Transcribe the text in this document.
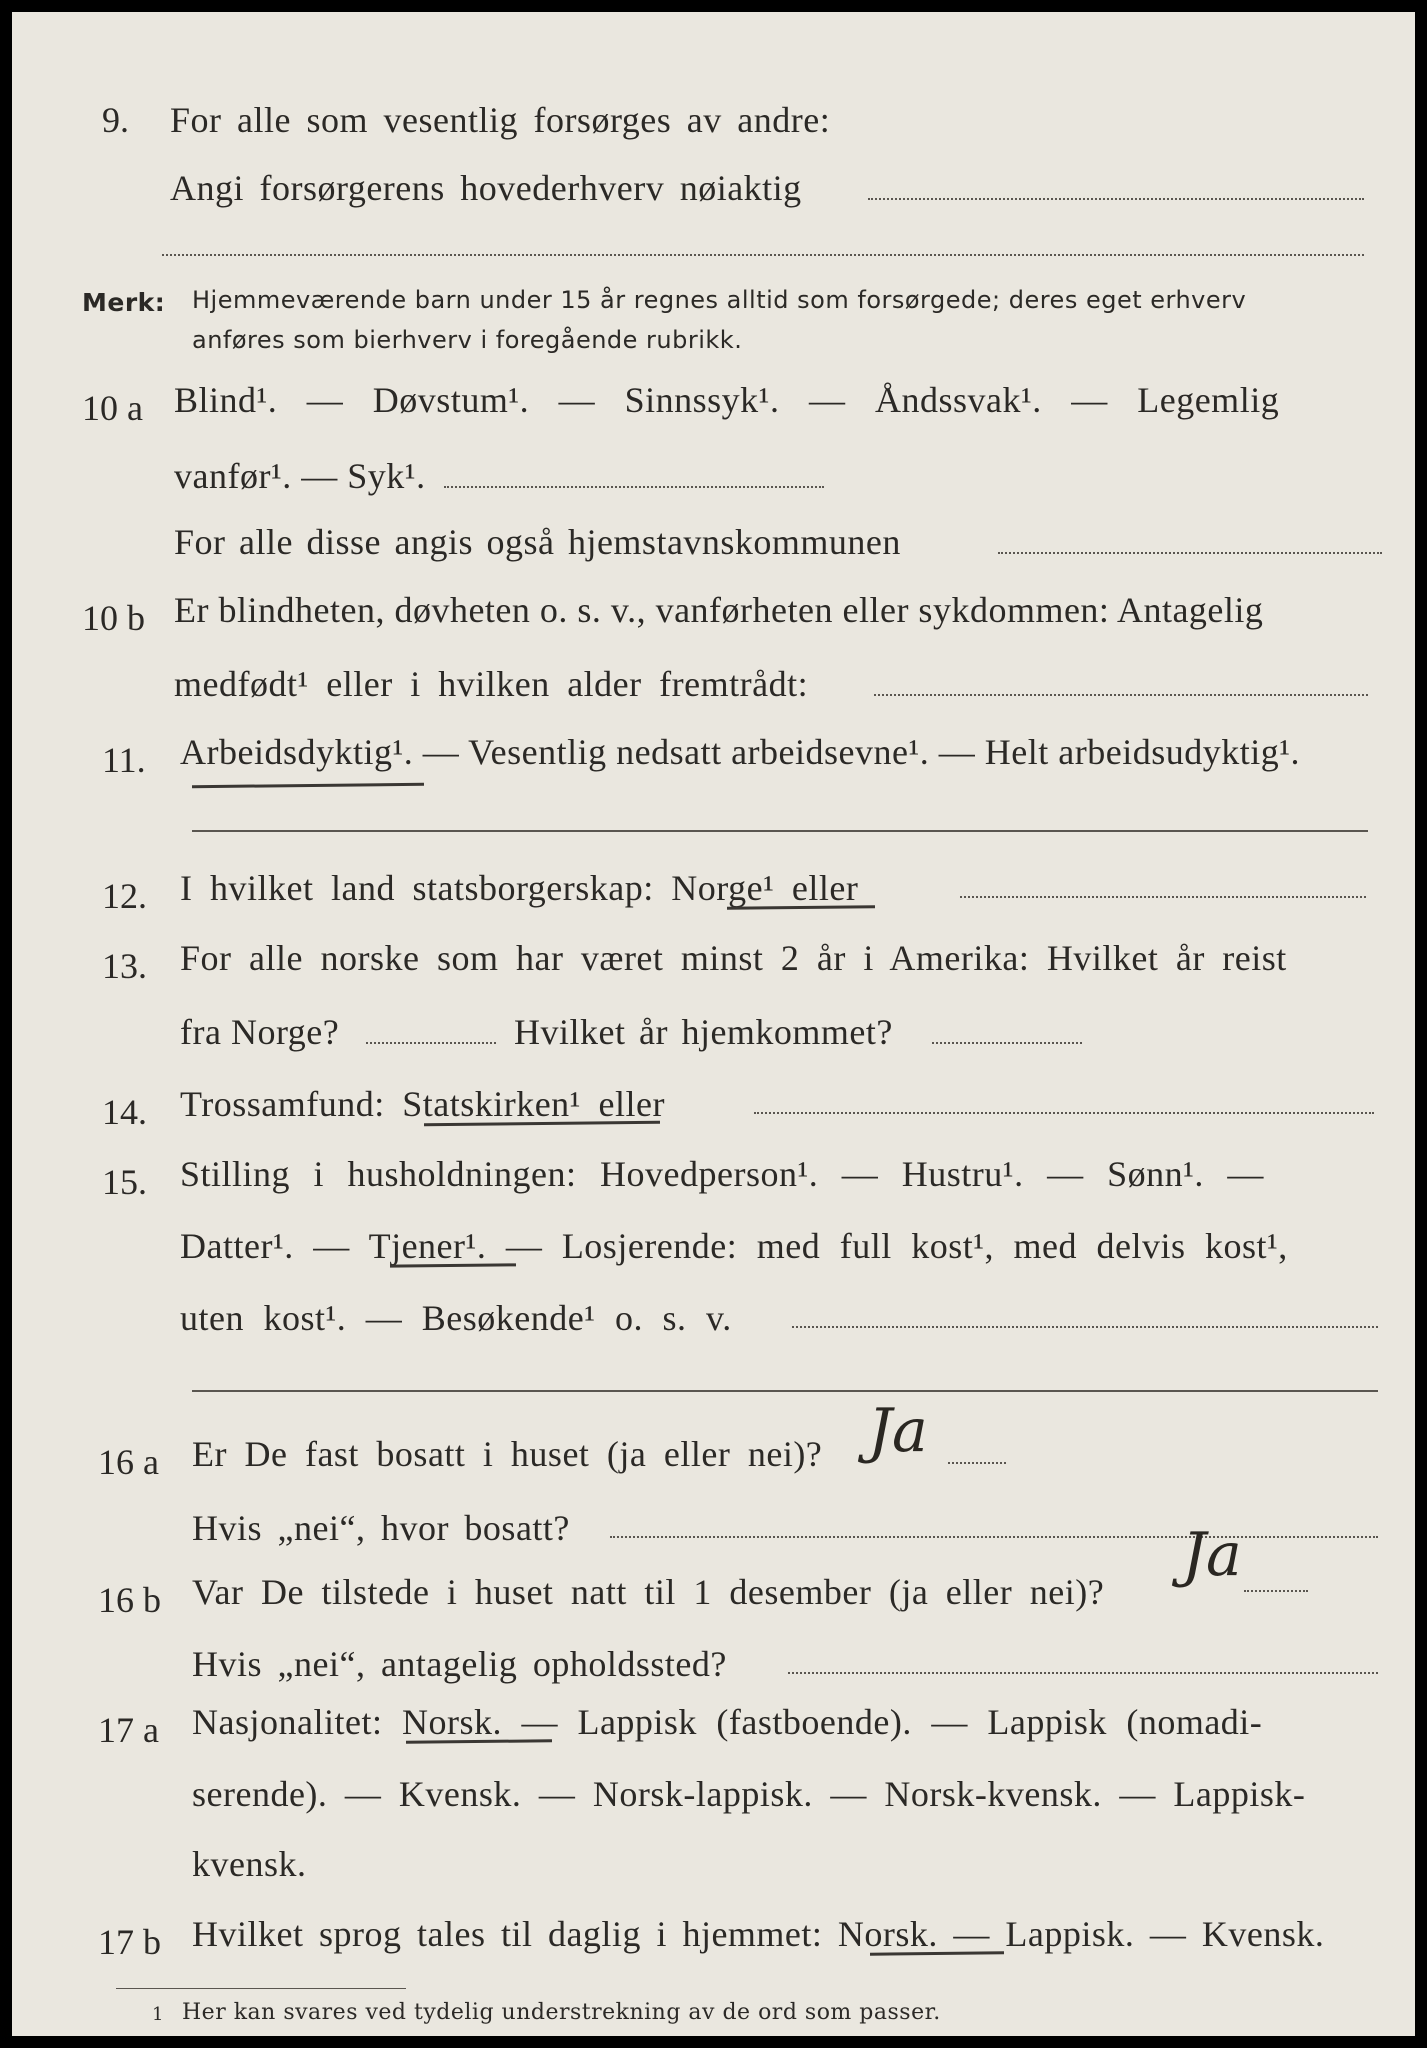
9. For alle som vesentlig forsørges av andre:
Angi forsørgerens hovederhverv nøiaktig
Merk: Hjemmeværende barn under 15 år regnes alltid som forsørgede; deres eget erhverv
anføres som bierhverv i foregående rubrikk.
10 a Blind¹. — Døvstum¹. — Sinnssyk¹. — Åndssvak¹. — Legemlig
vanfør¹. — Syk¹.
For alle disse angis også hjemstavnskommunen
10 b Er blindheten, døvheten o. s. v., vanførheten eller sykdommen: Antagelig
medfødt¹ eller i hvilken alder fremtrådt:
11. Arbeidsdyktig¹. — Vesentlig nedsatt arbeidsevne¹. — Helt arbeidsudyktig¹.
12. I hvilket land statsborgerskap: Norge¹ eller
13. For alle norske som har været minst 2 år i Amerika: Hvilket år reist
fra Norge?	Hvilket år hjemkommet?
14. Trossamfund: Statskirken¹ eller
15. Stilling i husholdningen: Hovedperson¹. — Hustru¹. — Sønn¹. —
Datter¹. — Tjener¹. — Losjerende: med full kost¹, med delvis kost¹,
uten kost¹. — Besøkende¹ o. s. v.
16 a Er De fast bosatt i huset (ja eller nei)? Ja
Hvis „nei“, hvor bosatt?
16 b Var De tilstede i huset natt til 1 desember (ja eller nei)?
Ja
Hvis „nei“, antagelig opholdssted?
17 a Nasjonalitet: Norsk. — Lappisk (fastboende). — Lappisk (nomadi-
serende). — Kvensk. — Norsk-lappisk. — Norsk-kvensk. — Lappisk-
kvensk.
17 b Hvilket sprog tales til daglig i hjemmet: Norsk. — Lappisk. — Kvensk.
1 Her kan svares ved tydelig understrekning av de ord som passer.
